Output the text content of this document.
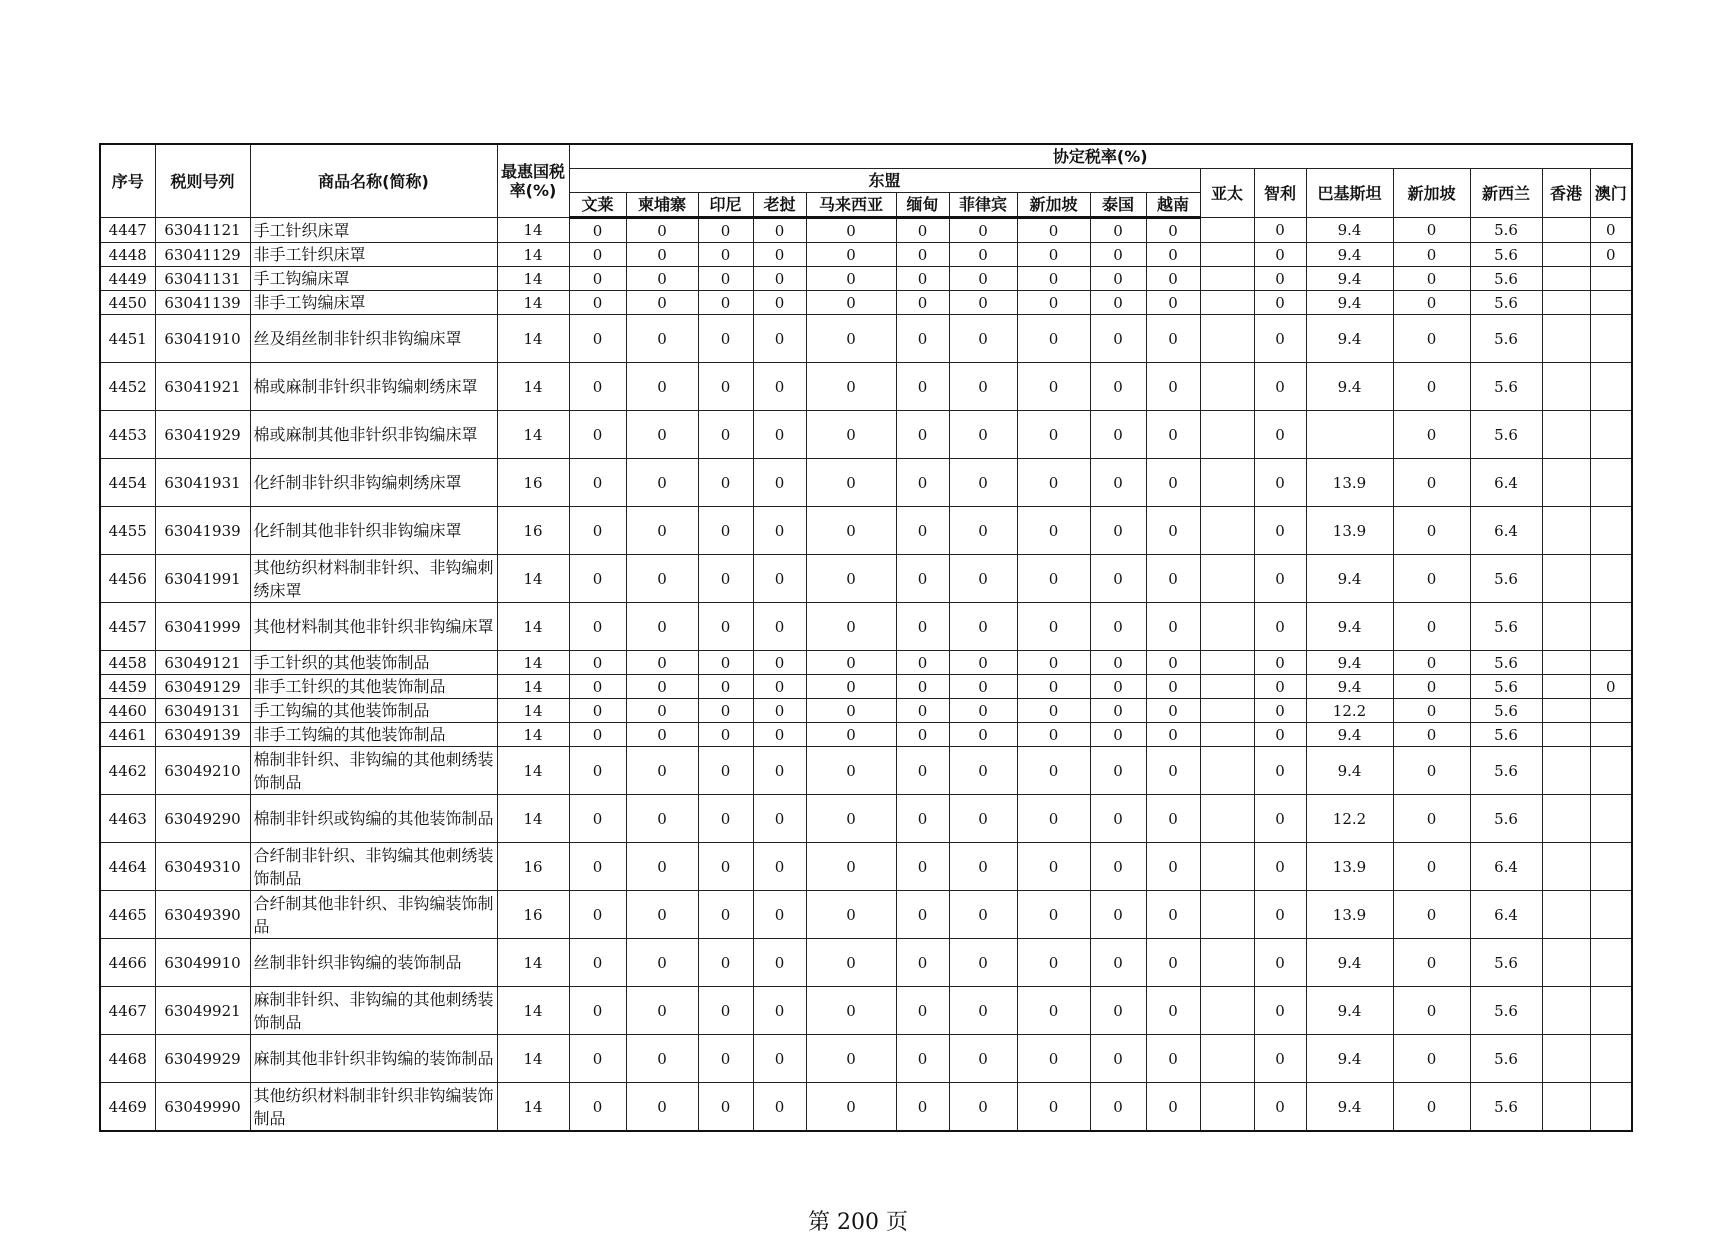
序号	税则号列	商品名称(简称)	最惠国税率(%)	协定税率(%)																
				东盟										亚太	智利	巴基斯坦	新加坡	新西兰	香港	澳门
				文莱	柬埔寨	印尼	老挝	马来西亚	缅甸	菲律宾	新加坡	泰国	越南							
4447	63041121	手工针织床罩	14	0	0	0	0	0	0	0	0	0	0		0	9.4	0	5.6		0
4448	63041129	非手工针织床罩	14	0	0	0	0	0	0	0	0	0	0		0	9.4	0	5.6		0
4449	63041131	手工钩编床罩	14	0	0	0	0	0	0	0	0	0	0		0	9.4	0	5.6		
4450	63041139	非手工钩编床罩	14	0	0	0	0	0	0	0	0	0	0		0	9.4	0	5.6		
4451	63041910	丝及绢丝制非针织非钩编床罩	14	0	0	0	0	0	0	0	0	0	0		0	9.4	0	5.6		
4452	63041921	棉或麻制非针织非钩编刺绣床罩	14	0	0	0	0	0	0	0	0	0	0		0	9.4	0	5.6		
4453	63041929	棉或麻制其他非针织非钩编床罩	14	0	0	0	0	0	0	0	0	0	0		0		0	5.6		
4454	63041931	化纤制非针织非钩编刺绣床罩	16	0	0	0	0	0	0	0	0	0	0		0	13.9	0	6.4		
4455	63041939	化纤制其他非针织非钩编床罩	16	0	0	0	0	0	0	0	0	0	0		0	13.9	0	6.4		
4456	63041991	其他纺织材料制非针织、非钩编刺绣床罩	14	0	0	0	0	0	0	0	0	0	0		0	9.4	0	5.6		
4457	63041999	其他材料制其他非针织非钩编床罩	14	0	0	0	0	0	0	0	0	0	0		0	9.4	0	5.6		
4458	63049121	手工针织的其他装饰制品	14	0	0	0	0	0	0	0	0	0	0		0	9.4	0	5.6		
4459	63049129	非手工针织的其他装饰制品	14	0	0	0	0	0	0	0	0	0	0		0	9.4	0	5.6		0
4460	63049131	手工钩编的其他装饰制品	14	0	0	0	0	0	0	0	0	0	0		0	12.2	0	5.6		
4461	63049139	非手工钩编的其他装饰制品	14	0	0	0	0	0	0	0	0	0	0		0	9.4	0	5.6		
4462	63049210	棉制非针织、非钩编的其他刺绣装饰制品	14	0	0	0	0	0	0	0	0	0	0		0	9.4	0	5.6		
4463	63049290	棉制非针织或钩编的其他装饰制品	14	0	0	0	0	0	0	0	0	0	0		0	12.2	0	5.6		
4464	63049310	合纤制非针织、非钩编其他刺绣装饰制品	16	0	0	0	0	0	0	0	0	0	0		0	13.9	0	6.4		
4465	63049390	合纤制其他非针织、非钩编装饰制品	16	0	0	0	0	0	0	0	0	0	0		0	13.9	0	6.4		
4466	63049910	丝制非针织非钩编的装饰制品	14	0	0	0	0	0	0	0	0	0	0		0	9.4	0	5.6		
4467	63049921	麻制非针织、非钩编的其他刺绣装饰制品	14	0	0	0	0	0	0	0	0	0	0		0	9.4	0	5.6		
4468	63049929	麻制其他非针织非钩编的装饰制品	14	0	0	0	0	0	0	0	0	0	0		0	9.4	0	5.6		
4469	63049990	其他纺织材料制非针织非钩编装饰制品	14	0	0	0	0	0	0	0	0	0	0		0	9.4	0	5.6		
第 200 页
